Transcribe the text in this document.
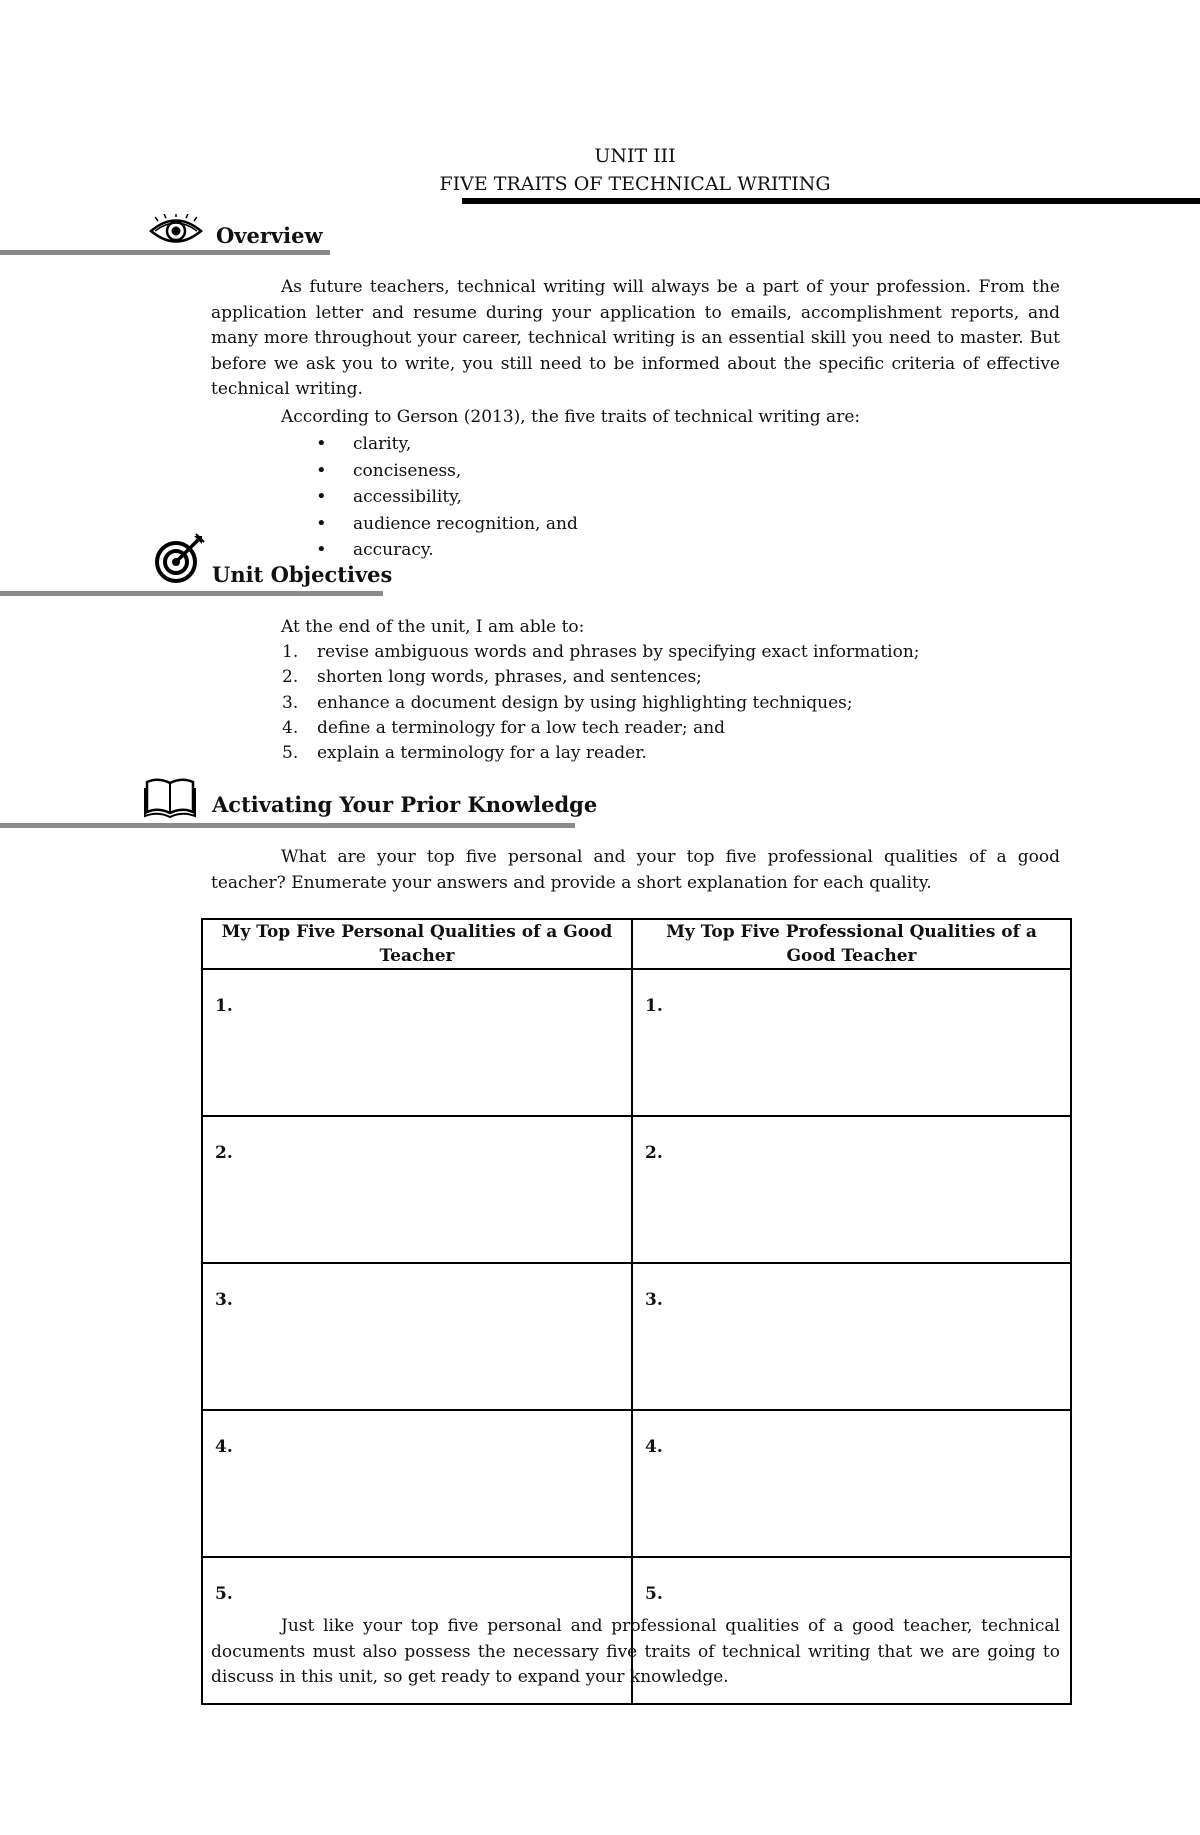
UNIT III
FIVE TRAITS OF TECHNICAL WRITING
Overview

As future teachers, technical writing will always be a part of your profession. From the application letter and resume during your application to emails, accomplishment reports, and many more throughout your career, technical writing is an essential skill you need to master. But before we ask you to write, you still need to be informed about the specific criteria of effective technical writing.

According to Gerson (2013), the five traits of technical writing are:

• clarity,
• conciseness,
• accessibility,
• audience recognition, and
• accuracy.
Unit Objectives

At the end of the unit, I am able to:

1.	revise ambiguous words and phrases by specifying exact information;
2.	shorten long words, phrases, and sentences;
3.	enhance a document design by using highlighting techniques;
4.	define a terminology for a low tech reader; and
5.	explain a terminology for a lay reader.
Activating Your Prior Knowledge

What are your top five personal and your top five professional qualities of a good teacher? Enumerate your answers and provide a short explanation for each quality.

My Top Five Personal Qualities of a Good Teacher	My Top Five Professional Qualities of a Good Teacher
1.	1.
2.	2.
3.	3.
4.	4.
5.	5.

Just like your top five personal and professional qualities of a good teacher, technical documents must also possess the necessary five traits of technical writing that we are going to discuss in this unit, so get ready to expand your knowledge.
